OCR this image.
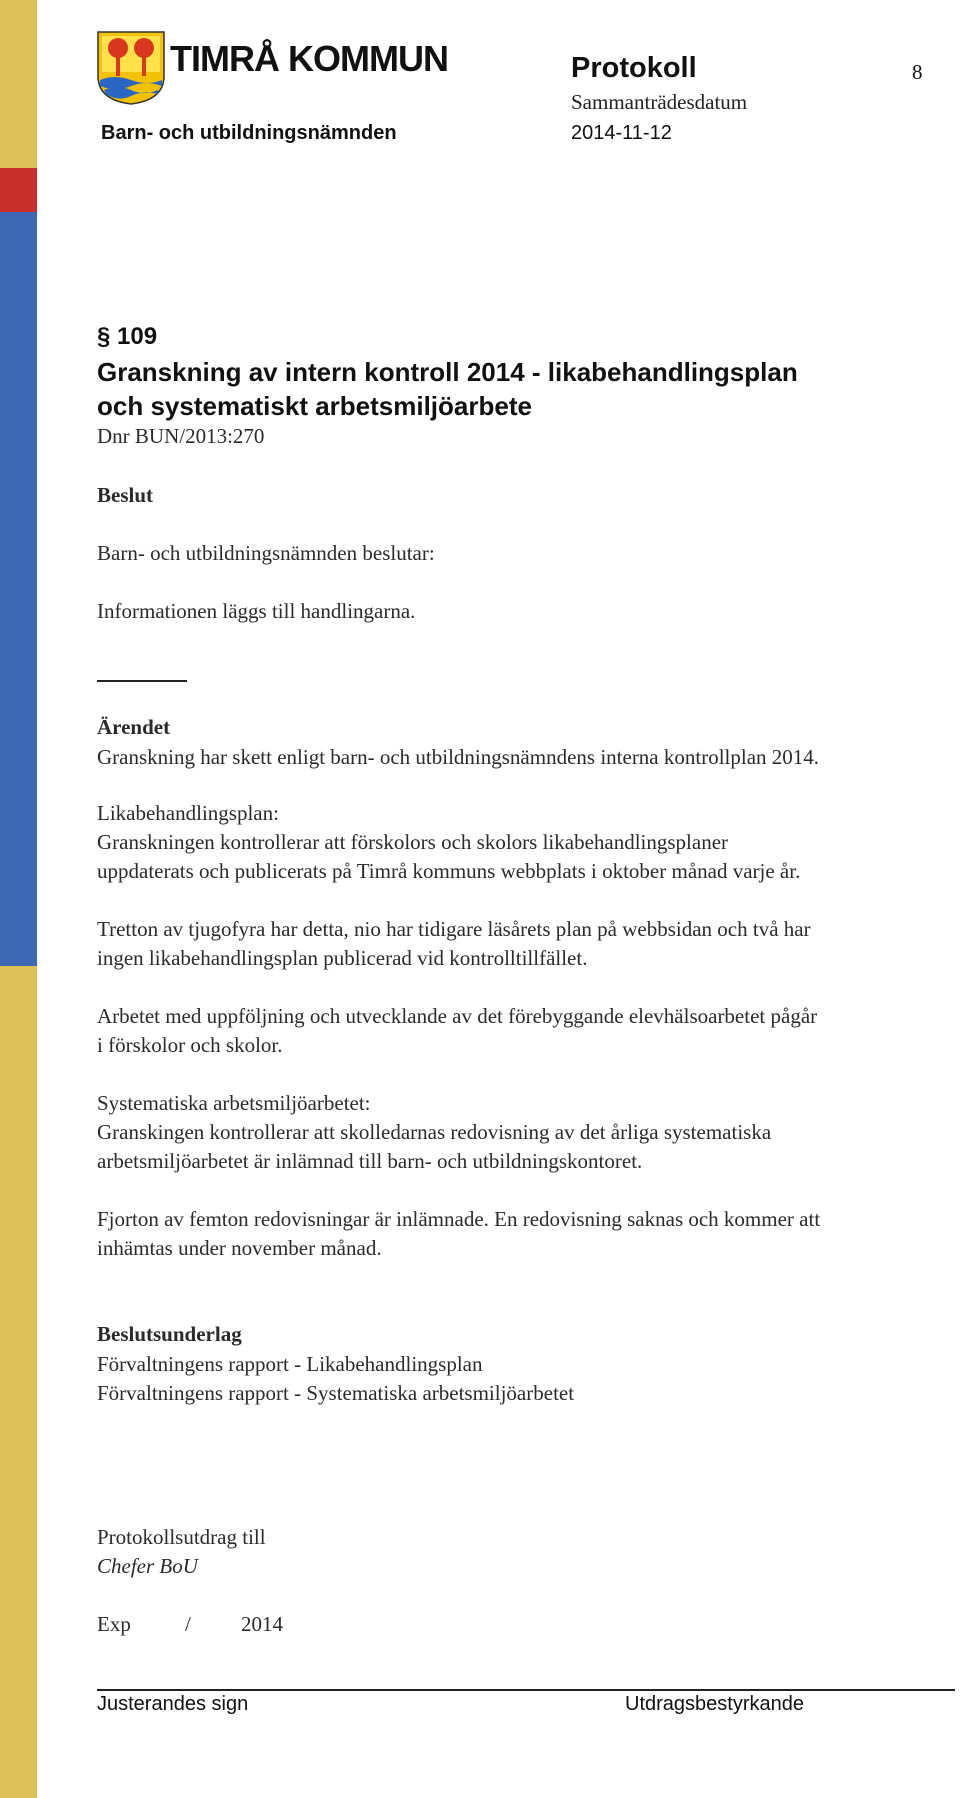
TIMRÅ KOMMUN
Barn- och utbildningsnämnden
Protokoll	8
Sammanträdesdatum
2014-11-12
§ 109
Granskning av intern kontroll 2014 - likabehandlingsplan
och systematiskt arbetsmiljöarbete
Dnr BUN/2013:270

Beslut

Barn- och utbildningsnämnden beslutar:

Informationen läggs till handlingarna.

Ärendet

Granskning har skett enligt barn- och utbildningsnämndens interna kontrollplan 2014.

Likabehandlingsplan:

Granskningen kontrollerar att förskolors och skolors likabehandlingsplaner

uppdaterats och publicerats på Timrå kommuns webbplats i oktober månad varje år.

Tretton av tjugofyra har detta, nio har tidigare läsårets plan på webbsidan och två har

ingen likabehandlingsplan publicerad vid kontrolltillfället.

Arbetet med uppföljning och utvecklande av det förebyggande elevhälsoarbetet pågår

i förskolor och skolor.

Systematiska arbetsmiljöarbetet:

Granskingen kontrollerar att skolledarnas redovisning av det årliga systematiska

arbetsmiljöarbetet är inlämnad till barn- och utbildningskontoret.

Fjorton av femton redovisningar är inlämnade. En redovisning saknas och kommer att

inhämtas under november månad.

Beslutsunderlag

Förvaltningens rapport - Likabehandlingsplan

Förvaltningens rapport - Systematiska arbetsmiljöarbetet

Protokollsutdrag till

Chefer BoU

Exp	/ 2014
Justerandes sign	Utdragsbestyrkande
